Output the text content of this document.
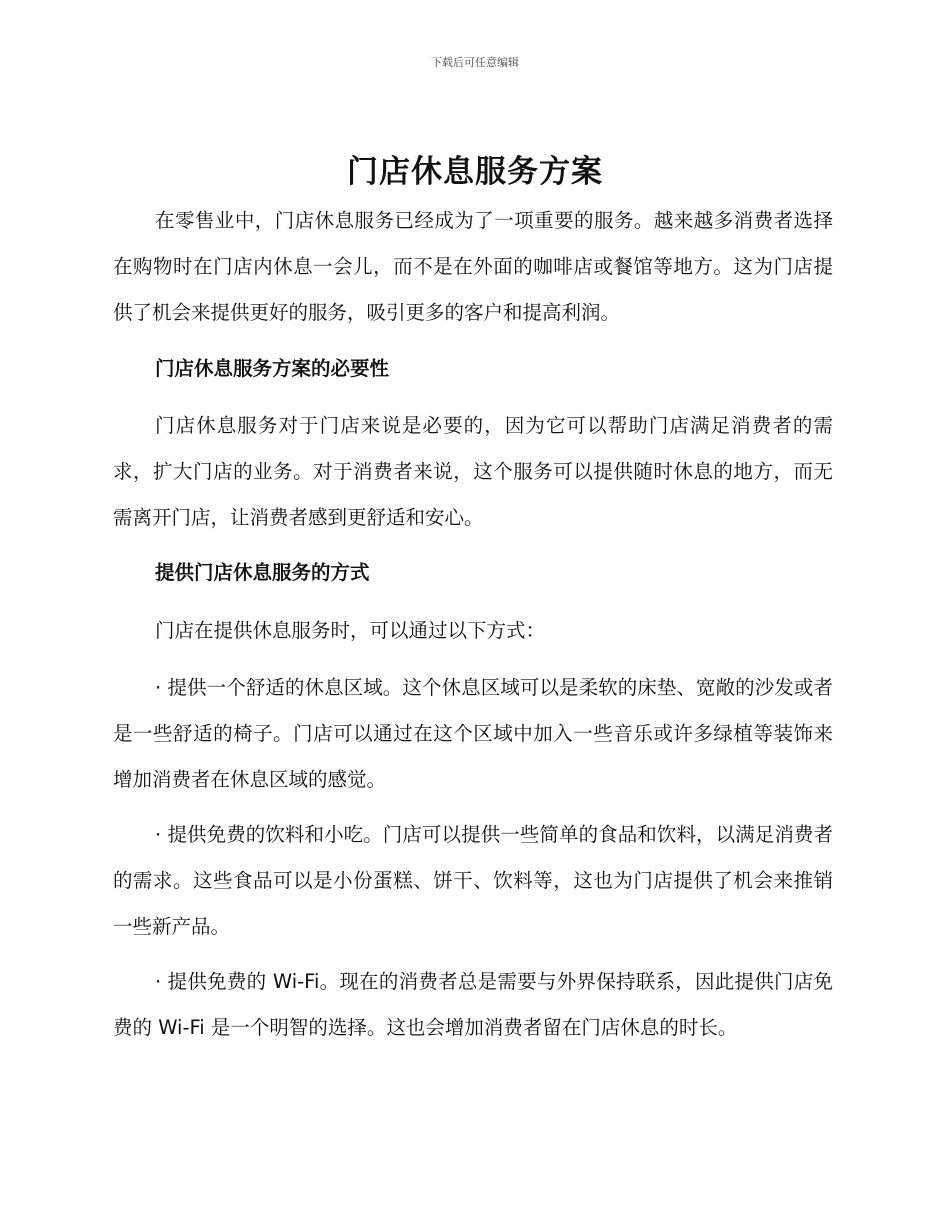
下载后可任意编辑
门店休息服务方案

在零售业中，门店休息服务已经成为了一项重要的服务。越来越多消费者选择在购物时在门店内休息一会儿，而不是在外面的咖啡店或餐馆等地方。这为门店提供了机会来提供更好的服务，吸引更多的客户和提高利润。

门店休息服务方案的必要性

门店休息服务对于门店来说是必要的，因为它可以帮助门店满足消费者的需求，扩大门店的业务。对于消费者来说，这个服务可以提供随时休息的地方，而无需离开门店，让消费者感到更舒适和安心。

提供门店休息服务的方式

门店在提供休息服务时，可以通过以下方式：

· 提供一个舒适的休息区域。这个休息区域可以是柔软的床垫、宽敞的沙发或者是一些舒适的椅子。门店可以通过在这个区域中加入一些音乐或许多绿植等装饰来增加消费者在休息区域的感觉。

· 提供免费的饮料和小吃。门店可以提供一些简单的食品和饮料，以满足消费者的需求。这些食品可以是小份蛋糕、饼干、饮料等，这也为门店提供了机会来推销一些新产品。

· 提供免费的 Wi-Fi。现在的消费者总是需要与外界保持联系，因此提供门店免费的 Wi-Fi 是一个明智的选择。这也会增加消费者留在门店休息的时长。
